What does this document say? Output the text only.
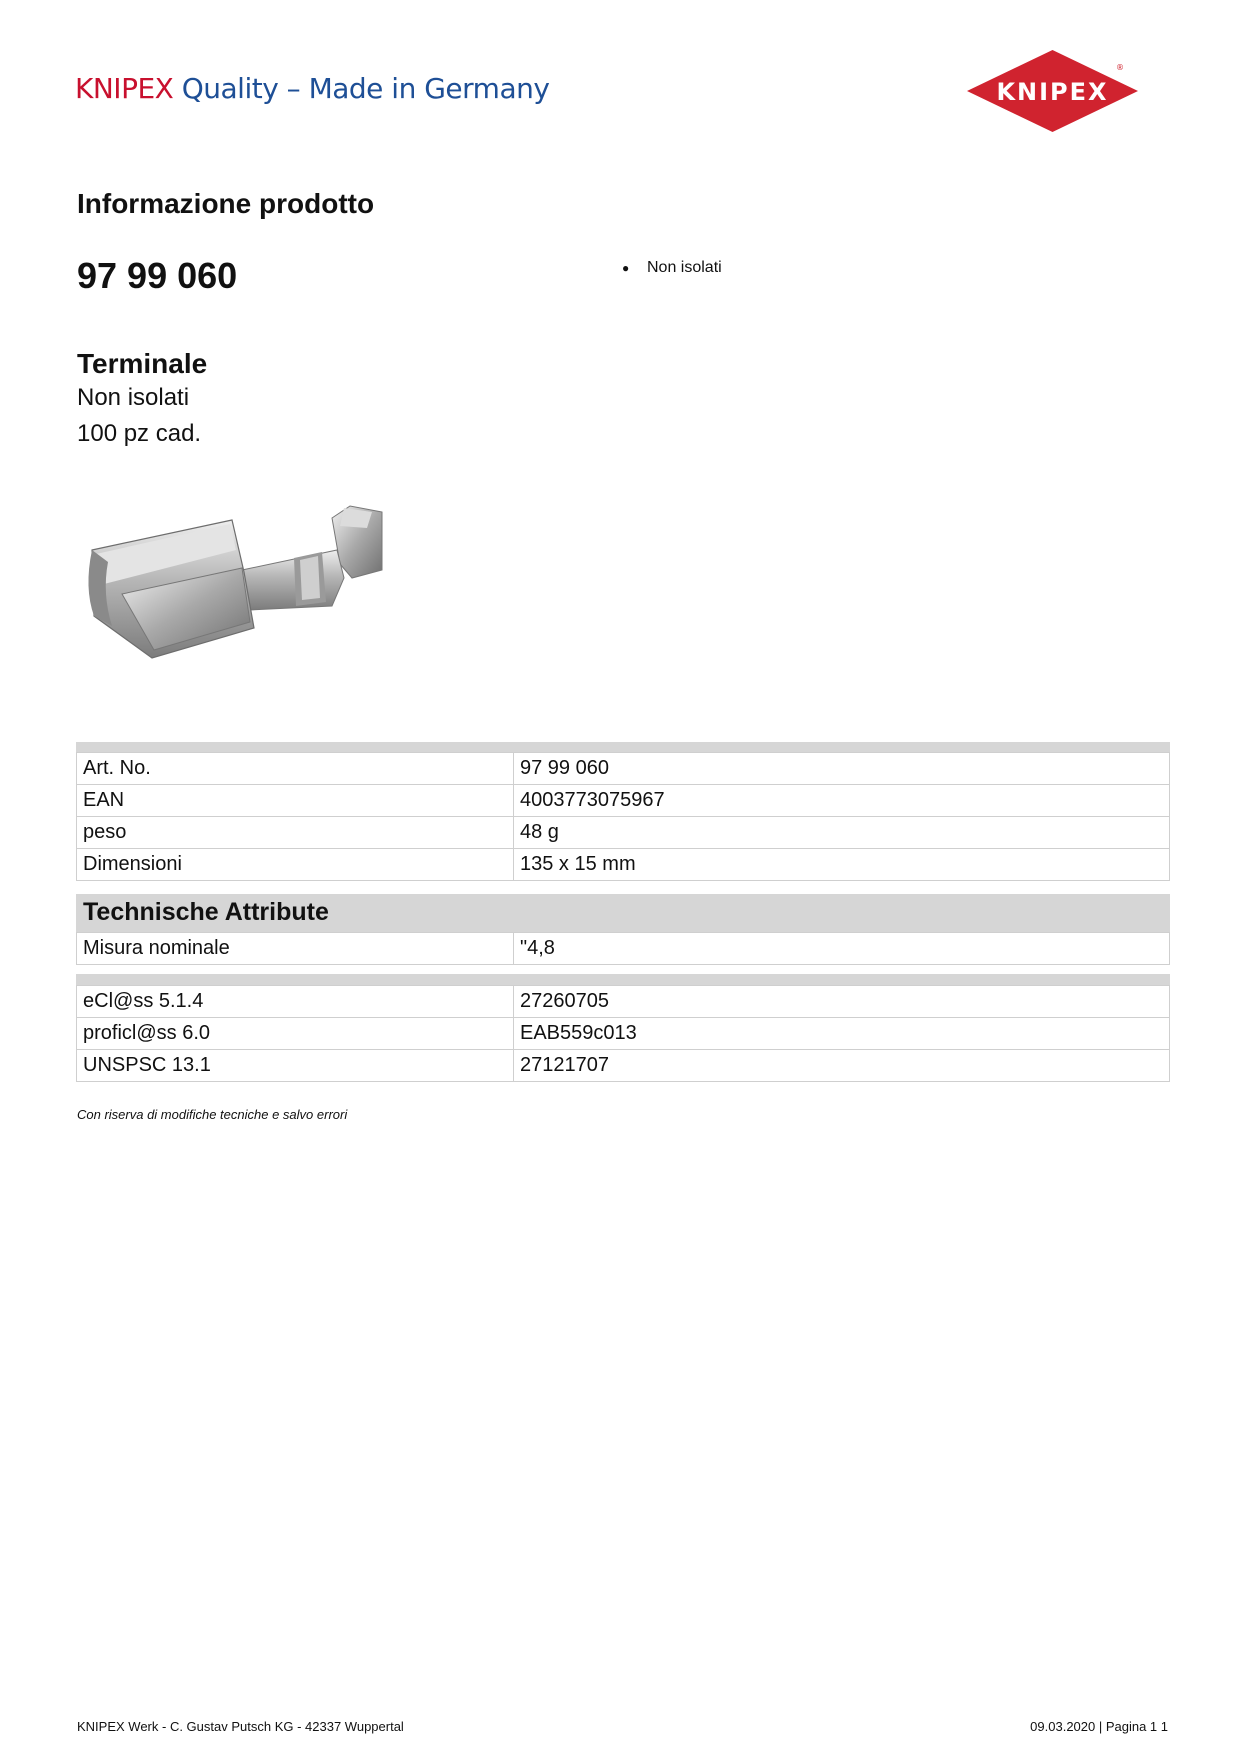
KNIPEX Quality – Made in Germany	KNIPEX
®
Informazione prodotto
97 99 060	● Non isolati
Terminale
Non isolati
100 pz cad.
Art. No.	97 99 060
EAN	4003773075967
peso	48 g
Dimensioni	135 x 15 mm
Technische Attribute
Misura nominale	"4,8
eCl@ss 5.1.4	27260705
proficl@ss 6.0	EAB559c013
UNSPSC 13.1	27121707
Con riserva di modifiche tecniche e salvo errori
KNIPEX Werk - C. Gustav Putsch KG - 42337 Wuppertal	09.03.2020 | Pagina 1 1
